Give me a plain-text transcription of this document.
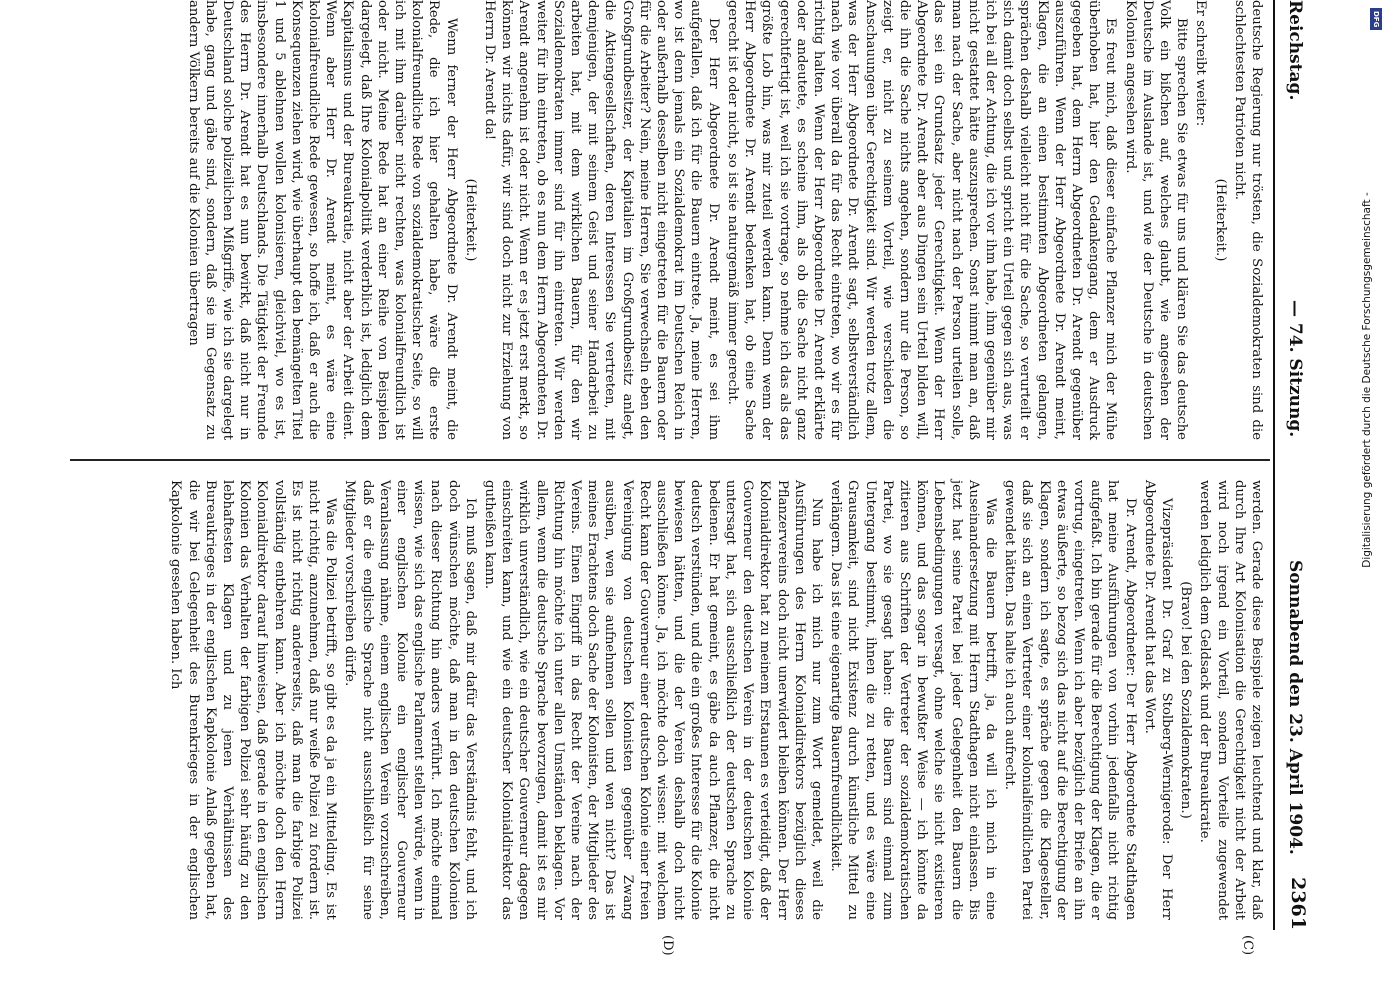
Reichstag.
— 74. Sitzung.
Sonnabend den 23. April 1904.
2361

deutsche Regierung nur trösten, die Sozialdemokraten sind die schlechtesten Patrioten nicht.

(Heiterkeit.)

Er schreibt weiter:

Bitte sprechen Sie etwas für uns und klären Sie das deutsche Volk ein bißchen auf, welches glaubt, wie angesehen der Deutsche im Auslande ist, und wie der Deutsche in deutschen Kolonien angesehen wird.

Es freut mich, daß dieser einfache Pflanzer mich der Mühe überhoben hat, hier den Gedankengang, dem er Ausdruck gegeben hat, dem Herrn Abgeordneten Dr. Arendt gegenüber auszuführen. Wenn der Herr Abgeordnete Dr. Arendt meint, Klagen, die an einen bestimmten Abgeordneten gelangen, sprächen deshalb vielleicht nicht für die Sache, so verurteilt er sich damit doch selbst und spricht ein Urteil gegen sich aus, was ich bei all der Achtung, die ich vor ihm habe, ihm gegenüber mir nicht gestattet hätte auszusprechen. Sonst nimmt man an, daß man nach der Sache, aber nicht nach der Person urteilen solle, das sei ein Grundsatz jeder Gerechtigkeit. Wenn der Herr Abgeordnete Dr. Arendt aber aus Dingen sein Urteil bilden will, die ihn die Sache nichts angehen, sondern nur die Person, so zeigt er, nicht zu seinem Vorteil, wie verschieden die Anschauungen über Gerechtigkeit sind. Wir werden trotz allem, was der Herr Abgeordnete Dr. Arendt sagt, selbstverständlich nach wie vor überall da für das Recht eintreten, wo wir es für richtig halten. Wenn der Herr Abgeordnete Dr. Arendt erklärte oder andeutete, es scheine ihm, als ob die Sache nicht ganz gerechtfertigt ist, weil ich sie vortrage, so nehme ich das als das größte Lob hin, was mir zuteil werden kann. Denn wenn der Herr Abgeordnete Dr. Arendt bedenken hat, ob eine Sache gerecht ist oder nicht, so ist sie naturgemäß immer gerecht.

Der Herr Abgeordnete Dr. Arendt meint, es sei ihm aufgefallen, daß ich für die Bauern eintrete. Ja, meine Herren, wo ist denn jemals ein Sozialdemokrat im Deutschen Reich in oder außerhalb desselben nicht eingetreten für die Bauern oder für die Arbeiter? Nein, meine Herren, Sie verwechseln eben den Großgrundbesitzer, der Kapitalien im Großgrundbesitz anlegt, die Aktiengesellschaften, deren Interessen Sie vertreten, mit demjenigen, der mit seinem Geist und seiner Handarbeit zu arbeiten hat, mit dem wirklichen Bauern, für den wir Sozialdemokraten immer sind für ihn eintreten. Wir werden weiter für ihn eintreten, ob es nun dem Herrn Abgeordneten Dr. Arendt angenehm ist oder nicht. Wenn er es jetzt erst merkt, so können wir nichts dafür, wir sind doch nicht zur Erziehung von Herrn Dr. Arendt da!

(Heiterkeit.)

Wenn ferner der Herr Abgeordnete Dr. Arendt meint, die Rede, die ich hier gehalten habe, wäre die erste kolonialfreundliche Rede von sozialdemokratischer Seite, so will ich mit ihm darüber nicht rechten, was kolonialfreundlich ist oder nicht. Meine Rede hat an einer Reihe von Beispielen dargelegt, daß Ihre Kolonialpolitik verderblich ist, lediglich dem Kapitalismus und der Bureaukratie, nicht aber der Arbeit dient. Wenn aber Herr Dr. Arendt meint, es wäre eine kolonialfreundliche Rede gewesen, so hoffe ich, daß er auch die Konsequenzen ziehen wird, wie überhaupt den bemängelten Titel 1 und 5 ablehnen wollen kolonisieren, gleichviel, wo es ist, insbesondere innerhalb Deutschlands. Die Tätigkeit der Freunde des Herrn Dr. Arendt hat es nun bewirkt, daß nicht nur in Deutschland solche polizeilichen Mißgriffe, wie ich sie dargelegt habe, gang und gäbe sind, sondern, daß sie im Gegensatz zu andern Völkern bereits auf die Kolonien übertragen

werden. Gerade diese Beispiele zeigen leuchtend und klar, daß durch Ihre Art Kolonisation die Gerechtigkeit nicht der Arbeit wird noch irgend ein Vorteil, sondern Vorteile zugewendet werden lediglich dem Geldsack und der Bureaukratie.

(Bravo! bei den Sozialdemokraten.)

Vizepräsident Dr. Graf zu Stolberg-Wernigerode: Der Herr Abgeordnete Dr. Arendt hat das Wort.

Dr. Arendt, Abgeordneter: Der Herr Abgeordnete Stadthagen hat meine Ausführungen von vorhin jedenfalls nicht richtig aufgefaßt. Ich bin gerade für die Berechtigung der Klagen, die er vortrug, eingetreten. Wenn ich aber bezüglich der Briefe an ihn etwas äußerte, so bezog sich das nicht auf die Berechtigung der Klagen, sondern ich sagte, es spräche gegen die Klagesteller, daß sie sich an einen Vertreter einer kolonialfeindlichen Partei gewendet hätten. Das halte ich auch aufrecht.

Was die Bauern betrifft, ja, da will ich mich in eine Auseinandersetzung mit Herrn Stadthagen nicht einlassen. Bis jetzt hat seine Partei bei jeder Gelegenheit den Bauern die Lebensbedingungen versagt, ohne welche sie nicht existieren können, und das sogar in bewußter Weise — ich könnte da zitieren aus Schriften der Vertreter der sozialdemokratischen Partei, wo sie gesagt haben: die Bauern sind einmal zum Untergang bestimmt, ihnen die zu retten, und es wäre eine Grausamkeit, sind nicht Existenz durch künstliche Mittel zu verlängern. Das ist eine eigenartige Bauernfreundlichkeit.

Nun habe ich mich nur zum Wort gemeldet, weil die Ausführungen des Herrn Kolonialdirektors bezüglich dieses Pflanzervereins doch nicht unerwidert bleiben können. Der Herr Kolonialdirektor hat zu meinem Erstaunen es verteidigt, daß der Gouverneur den deutschen Verein in der deutschen Kolonie untersagt hat, sich ausschließlich der deutschen Sprache zu bedienen. Er hat gemeint, es gäbe da auch Pflanzer, die nicht deutsch verstünden, und die ein großes Interesse für die Kolonie bewiesen hätten, und die der Verein deshalb doch nicht ausschließen könne. Ja, ich möchte doch wissen: mit welchem Recht kann der Gouverneur einer deutschen Kolonie einer freien Vereinigung von deutschen Kolonisten gegenüber Zwang ausüben, wen sie aufnehmen sollen und wen nicht? Das ist meines Erachtens doch Sache der Kolonisten, der Mitglieder des Vereins. Einen Eingriff in das Recht der Vereine nach der Richtung hin möchte ich unter allen Umständen beklagen. Vor allem, wenn die deutsche Sprache bevorzugen, damit ist es mir wirklich unverständlich, wie ein deutscher Gouverneur dagegen einschreiten kann, und wie ein deutscher Kolonialdirektor das gutheißen kann.

Ich muß sagen, daß mir dafür das Verständnis fehlt, und ich doch wünschen möchte, daß man in den deutschen Kolonien nach dieser Richtung hin anders verführt. Ich möchte einmal wissen, wie sich das englische Parlament stellen würde, wenn in einer englischen Kolonie ein englischer Gouverneur Veranlassung nähme, einem englischen Verein vorzuschreiben, daß er die englische Sprache nicht ausschließlich für seine Mitglieder vorschreiben dürfe.

Was die Polizei betrifft, so gibt es da ja ein Mittelding. Es ist nicht richtig, anzunehmen, daß nur weiße Polizei zu fordern ist. Es ist nicht richtig andererseits, daß man die farbige Polizei vollständig entbehren kann. Aber ich möchte doch den Herrn Kolonialdirektor darauf hinweisen, daß gerade in den englischen Kolonien das Verhalten der farbigen Polizei sehr häufig zu den lebhaftesten Klagen und zu jenen Verhältnissen des Bureaukrieges in der englischen Kapkolonie Anlaß gegeben hat, die wir bei Gelegenheit des Burenkrieges in der englischen Kapkolonie gesehen haben. Ich

(C)
(D)
DFG
Digitalisierung gefördert durch die Deutsche Forschungsgemeinschaft -
